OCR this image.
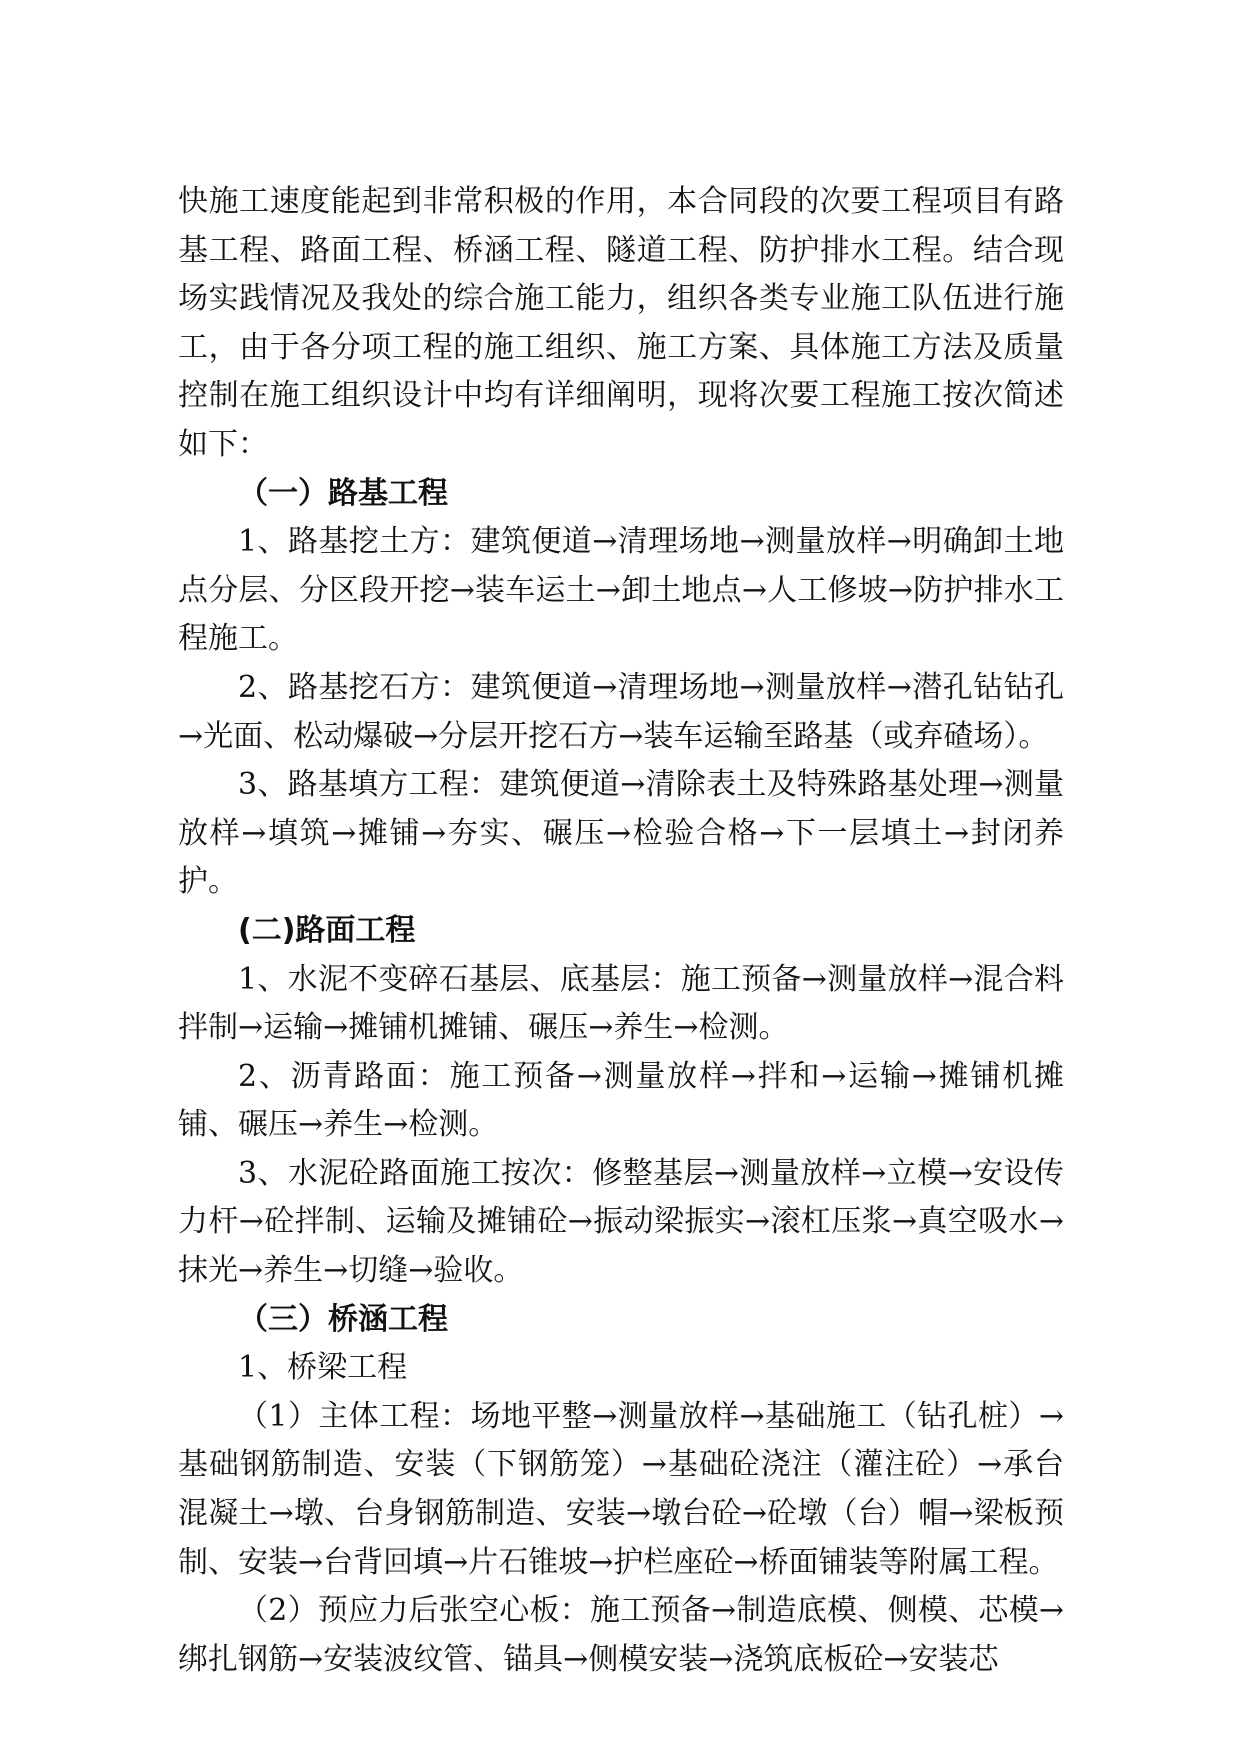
快施工速度能起到非常积极的作用，本合同段的次要工程项目有路基工程、路面工程、桥涵工程、隧道工程、防护排水工程。结合现场实践情况及我处的综合施工能力，组织各类专业施工队伍进行施工，由于各分项工程的施工组织、施工方案、具体施工方法及质量控制在施工组织设计中均有详细阐明，现将次要工程施工按次简述如下：

（一）路基工程

1、路基挖土方：建筑便道→清理场地→测量放样→明确卸土地点分层、分区段开挖→装车运土→卸土地点→人工修坡→防护排水工程施工。

2、路基挖石方：建筑便道→清理场地→测量放样→潜孔钻钻孔→光面、松动爆破→分层开挖石方→装车运输至路基（或弃碴场）。

3、路基填方工程：建筑便道→清除表土及特殊路基处理→测量放样→填筑→摊铺→夯实、碾压→检验合格→下一层填土→封闭养护。

(二)路面工程

1、水泥不变碎石基层、底基层：施工预备→测量放样→混合料拌制→运输→摊铺机摊铺、碾压→养生→检测。

2、沥青路面：施工预备→测量放样→拌和→运输→摊铺机摊铺、碾压→养生→检测。

3、水泥砼路面施工按次：修整基层→测量放样→立模→安设传力杆→砼拌制、运输及摊铺砼→振动梁振实→滚杠压浆→真空吸水→抹光→养生→切缝→验收。

（三）桥涵工程

1、桥梁工程

（1）主体工程：场地平整→测量放样→基础施工（钻孔桩）→基础钢筋制造、安装（下钢筋笼）→基础砼浇注（灌注砼）→承台混凝土→墩、台身钢筋制造、安装→墩台砼→砼墩（台）帽→梁板预制、安装→台背回填→片石锥坡→护栏座砼→桥面铺装等附属工程。

（2）预应力后张空心板：施工预备→制造底模、侧模、芯模→绑扎钢筋→安装波纹管、锚具→侧模安装→浇筑底板砼→安装芯
